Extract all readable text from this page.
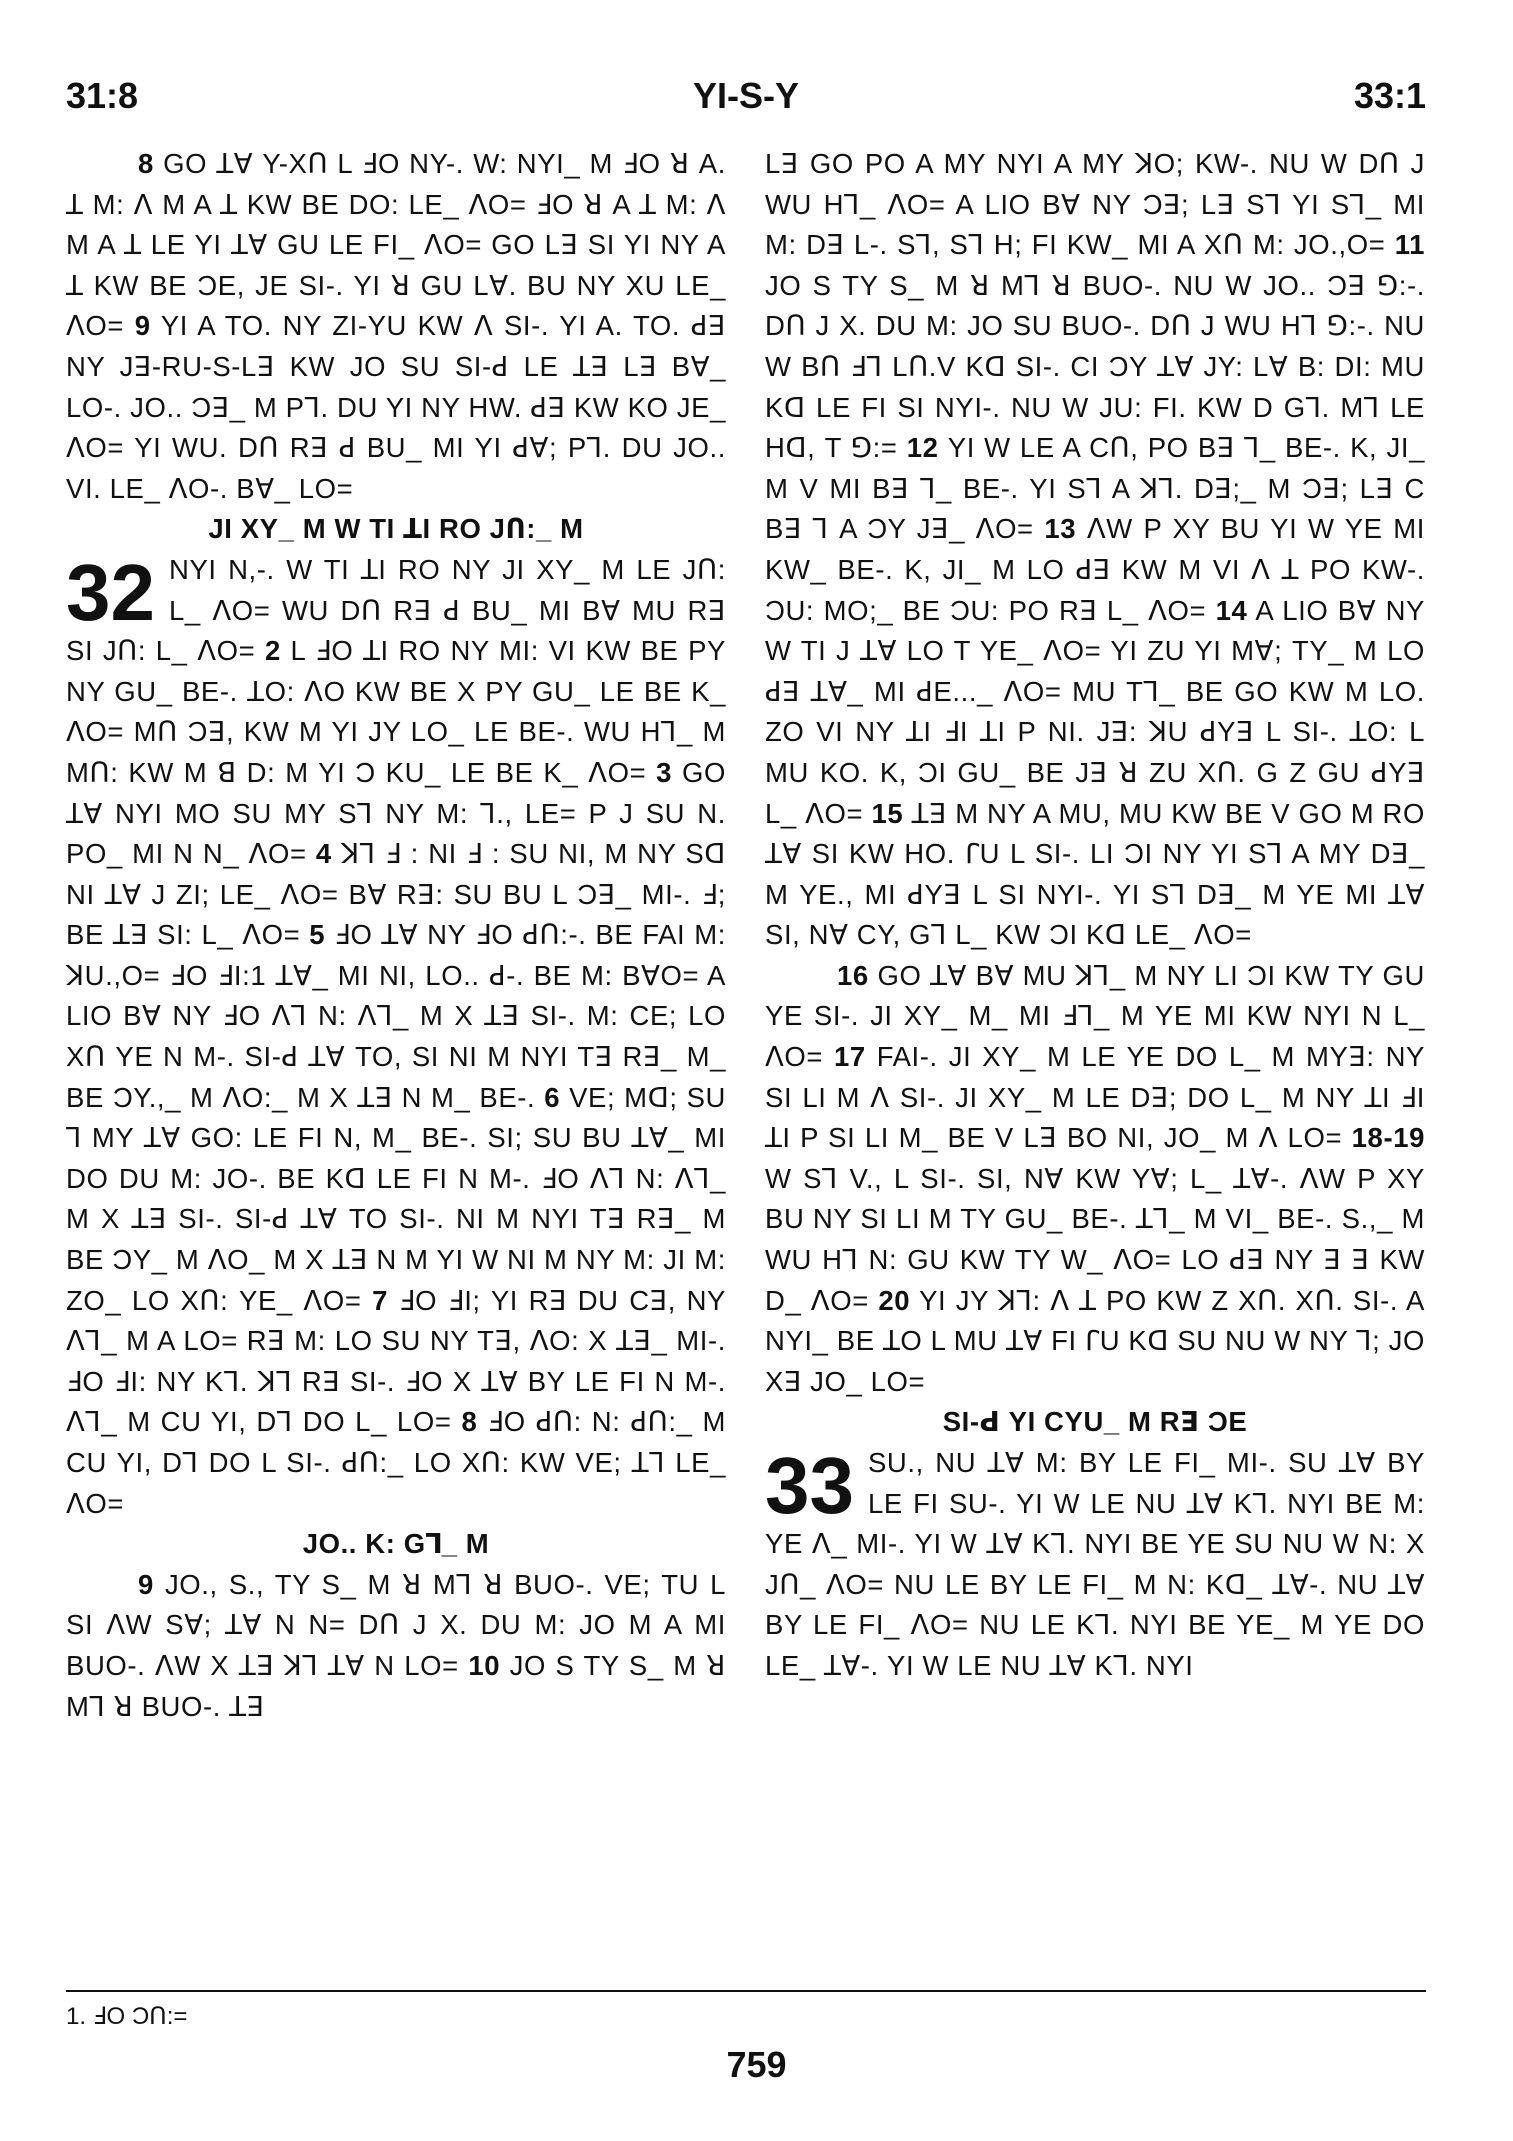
31:8	YI-S-Y	33:1

8 GO ꓕꓯ Y-XՈ L ꓞO NY-. W: NYI_ M ꓞO ꓤ A. ꓕ M: ꓥ M A ꓕ KW BE DO: LE_ ꓥO= ꓞO ꓤ A ꓕ M: ꓥ M A ꓕ LE YI ꓕꓯ GU LE FI_ ꓥO= GO Lꓱ SI YI NY A ꓕ KW BE ƆE, JE SI-. YI ꓤ GU Lꓯ. BU NY XU LE_ ꓥO= 9 YI A TO. NY ZI-YU KW ꓥ SI-. YI A. TO. ꓒꓱ NY Jꓱ-RU-S-Lꓱ KW JO SU SI-ꓒ LE ꓕꓱ Lꓱ Bꓯ_ LO-. JO.. Ɔꓱ_ M P⅂. DU YI NY HW. ꓒꓱ KW KO JE_ ꓥO= YI WU. DՈ Rꓱ ꓒ BU_ MI YI ꓒꓯ; P⅂. DU JO.. VI. LE_ ꓥO-. Bꓯ_ LO=

JI XY_ M W TI ꓕI RO JՈ:_ M

32 NYI N,-. W TI ꓕI RO NY JI XY_ M LE JՈ: L_ ꓥO= WU DՈ Rꓱ ꓒ BU_ MI Bꓯ MU Rꓱ SI JՈ: L_ ꓥO= 2 L ꓞO ꓕI RO NY MI: VI KW BE PY NY GU_ BE-. ꓕO: ꓥO KW BE X PY GU_ LE BE K_ ꓥO= MՈ Ɔꓱ, KW M YI JY LO_ LE BE-. WU H⅂_ M MՈ: KW M ꓭ D: M YI Ɔ KU_ LE BE K_ ꓥO= 3 GO ꓕꓯ NYI MO SU MY S⅂ NY M: ⅂., LE= P J SU N. PO_ MI N N_ ꓥO= 4 ꓘ⅂ ꓞ : NI ꓞ : SU NI, M NY Sꓷ NI ꓕꓯ J ZI; LE_ ꓥO= Bꓯ Rꓱ: SU BU L Ɔꓱ_ MI-. ꓞ; BE ꓕꓱ SI: L_ ꓥO= 5 ꓞO ꓕꓯ NY ꓞO ꓒՈ:-. BE FAI M: ꓘU.,O= ꓞO ꓞI:1 ꓕꓯ_ MI NI, LO.. ꓒ-. BE M: BꓯO= A LIO Bꓯ NY ꓞO ꓥ⅂ N: ꓥ⅂_ M X ꓕꓱ SI-. M: CE; LO XՈ YE N M-. SI-ꓒ ꓕꓯ TO, SI NI M NYI Tꓱ Rꓱ_ M_ BE ƆY.,_ M ꓥO:_ M X ꓕꓱ N M_ BE-. 6 VE; Mꓷ; SU ⅂ MY ꓕꓯ GO: LE FI N, M_ BE-. SI; SU BU ꓕꓯ_ MI DO DU M: JO-. BE Kꓷ LE FI N M-. ꓞO ꓥ⅂ N: ꓥ⅂_ M X ꓕꓱ SI-. SI-ꓒ ꓕꓯ TO SI-. NI M NYI Tꓱ Rꓱ_ M BE ƆY_ M ꓥO_ M X ꓕꓱ N M YI W NI M NY M: JI M: ZO_ LO XՈ: YE_ ꓥO= 7 ꓞO ꓞI; YI Rꓱ DU Cꓱ, NY ꓥ⅂_ M A LO= Rꓱ M: LO SU NY Tꓱ, ꓥO: X ꓕꓱ_ MI-. ꓞO ꓞI: NY K⅂. ꓘ⅂ Rꓱ SI-. ꓞO X ꓕꓯ BY LE FI N M-. ꓥ⅂_ M CU YI, D⅂ DO L_ LO= 8 ꓞO ꓒՈ: N: ꓒՈ:_ M CU YI, D⅂ DO L SI-. ꓒՈ:_ LO XՈ: KW VE; ꓕ⅂ LE_ ꓥO=

JO.. K: G⅂_ M

9 JO., S., TY S_ M ꓤ M⅂ ꓤ BUO-. VE; TU L SI ꓥW Sꓯ; ꓕꓯ N N= DՈ J X. DU M: JO M A MI BUO-. ꓥW X ꓕꓱ ꓘ⅂ ꓕꓯ N LO= 10 JO S TY S_ M ꓤ M⅂ ꓤ BUO-. ꓕꓱ

Lꓱ GO PO A MY NYI A MY ꓘO; KW-. NU W DՈ J WU H⅂_ ꓥO= A LIO Bꓯ NY Ɔꓱ; Lꓱ S⅂ YI S⅂_ MI M: Dꓱ L-. S⅂, S⅂ H; FI KW_ MI A XՈ M: JO.,O= 11 JO S TY S_ M ꓤ M⅂ ꓤ BUO-. NU W JO.. Ɔꓱ ꓨ:-. DՈ J X. DU M: JO SU BUO-. DՈ J WU H⅂ ꓨ:-. NU W BՈ ꓞ⅂ LՈ.V Kꓷ SI-. CI ƆY ꓕꓯ JY: Lꓯ B: DI: MU Kꓷ LE FI SI NYI-. NU W JU: FI. KW D G⅂. M⅂ LE Hꓷ, T ꓨ:= 12 YI W LE A CՈ, PO Bꓱ ⅂_ BE-. K, JI_ M V MI Bꓱ ⅂_ BE-. YI S⅂ A ꓘ⅂. Dꓱ;_ M Ɔꓱ; Lꓱ C Bꓱ ⅂ A ƆY Jꓱ_ ꓥO= 13 ꓥW P XY BU YI W YE MI KW_ BE-. K, JI_ M LO ꓒꓱ KW M VI ꓥ ꓕ PO KW-. ƆU: MO;_ BE ƆU: PO Rꓱ L_ ꓥO= 14 A LIO Bꓯ NY W TI J ꓕꓯ LO T YE_ ꓥO= YI ZU YI Mꓯ; TY_ M LO ꓒꓱ ꓕꓯ_ MI ꓒE..._ ꓥO= MU T⅂_ BE GO KW M LO. ZO VI NY ꓕI ꓞI ꓕI P NI. Jꓱ: ꓘU ꓒYꓱ L SI-. ꓕO: L MU KO. K, ƆI GU_ BE Jꓱ ꓤ ZU XՈ. G Z GU ꓒYꓱ L_ ꓥO= 15 ꓕꓱ M NY A MU, MU KW BE V GO M RO ꓕꓯ SI KW HO. ꓩU L SI-. LI ƆI NY YI S⅂ A MY Dꓱ_ M YE., MI ꓒYꓱ L SI NYI-. YI S⅂ Dꓱ_ M YE MI ꓕꓯ SI, Nꓯ CY, G⅂ L_ KW ƆI Kꓷ LE_ ꓥO=

16 GO ꓕꓯ Bꓯ MU ꓘ⅂_ M NY LI ƆI KW TY GU YE SI-. JI XY_ M_ MI ꓞ⅂_ M YE MI KW NYI N L_ ꓥO= 17 FAI-. JI XY_ M LE YE DO L_ M MYꓱ: NY SI LI M ꓥ SI-. JI XY_ M LE Dꓱ; DO L_ M NY ꓕI ꓞI ꓕI P SI LI M_ BE V Lꓱ BO NI, JO_ M ꓥ LO= 18-19 W S⅂ V., L SI-. SI, Nꓯ KW Yꓯ; L_ ꓕꓯ-. ꓥW P XY BU NY SI LI M TY GU_ BE-. ꓕ⅂_ M VI_ BE-. S.,_ M WU H⅂ N: GU KW TY W_ ꓥO= LO ꓒꓱ NY ꓱ ꓱ KW D_ ꓥO= 20 YI JY ꓘ⅂: ꓥ ꓕ PO KW Z XՈ. XՈ. SI-. A NYI_ BE ꓕO L MU ꓕꓯ FI ꓩU Kꓷ SU NU W NY ⅂; JO Xꓱ JO_ LO=

SI-ꓒ YI CYU_ M Rꓱ ƆE

33 SU., NU ꓕꓯ M: BY LE FI_ MI-. SU ꓕꓯ BY LE FI SU-. YI W LE NU ꓕꓯ K⅂. NYI BE M: YE ꓥ_ MI-. YI W ꓕꓯ K⅂. NYI BE YE SU NU W N: X JՈ_ ꓥO= NU LE BY LE FI_ M N: Kꓷ_ ꓕꓯ-. NU ꓕꓯ BY LE FI_ ꓥO= NU LE K⅂. NYI BE YE_ M YE DO LE_ ꓕꓯ-. YI W LE NU ꓕꓯ K⅂. NYI

1. ꓞO ƆՈ:=
759
